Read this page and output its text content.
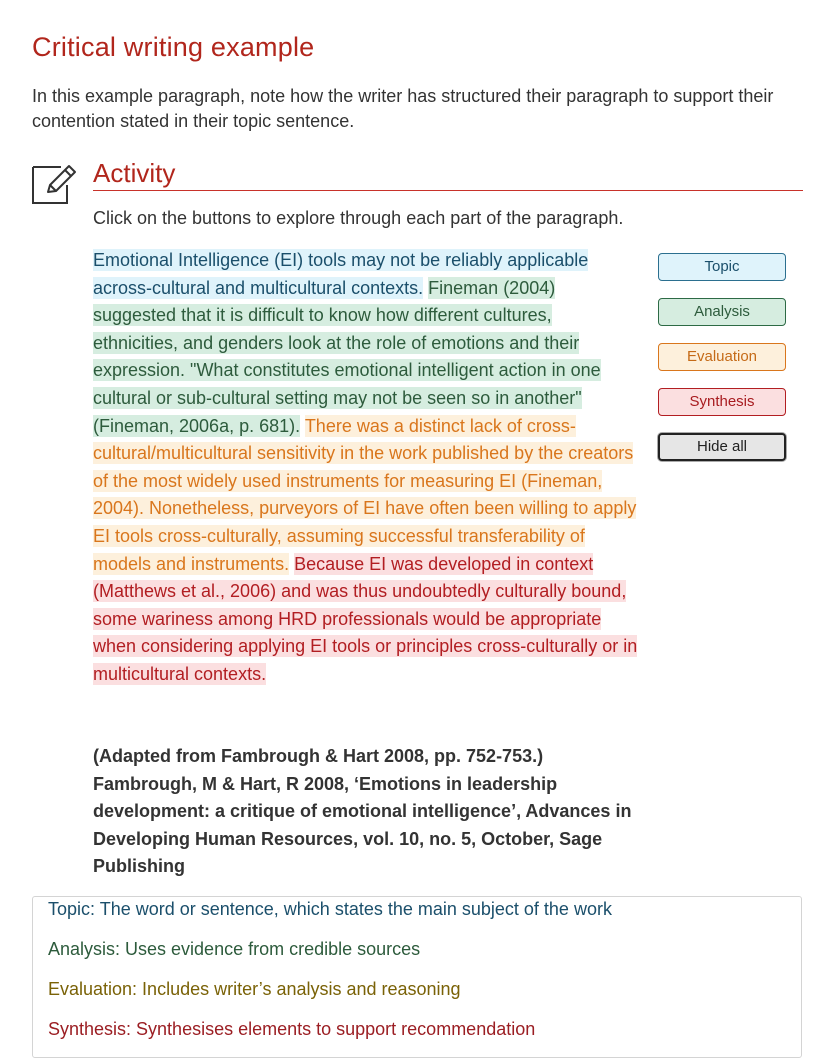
Critical writing example

In this example paragraph, note how the writer has structured their paragraph to support their contention stated in their topic sentence.

Activity

Click on the buttons to explore through each part of the paragraph.

Emotional Intelligence (EI) tools may not be reliably applicable across-cultural and multicultural contexts. Fineman (2004) suggested that it is difficult to know how different cultures, ethnicities, and genders look at the role of emotions and their expression. "What constitutes emotional intelligent action in one cultural or sub-cultural setting may not be seen so in another" (Fineman, 2006a, p. 681). There was a distinct lack of cross-cultural/multicultural sensitivity in the work published by the creators of the most widely used instruments for measuring EI (Fineman, 2004). Nonetheless, purveyors of EI have often been willing to apply EI tools cross-culturally, assuming successful transferability of models and instruments. Because EI was developed in context (Matthews et al., 2006) and was thus undoubtedly culturally bound, some wariness among HRD professionals would be appropriate when considering applying EI tools or principles cross-culturally or in multicultural contexts.

Topic
Analysis
Evaluation
Synthesis
Hide all
(Adapted from Fambrough & Hart 2008, pp. 752-753.)
Fambrough, M & Hart, R 2008, ‘Emotions in leadership development: a critique of emotional intelligence’, Advances in Developing Human Resources, vol. 10, no. 5, October, Sage Publishing

Topic: The word or sentence, which states the main subject of the work

Analysis: Uses evidence from credible sources

Evaluation: Includes writer’s analysis and reasoning

Synthesis: Synthesises elements to support recommendation
